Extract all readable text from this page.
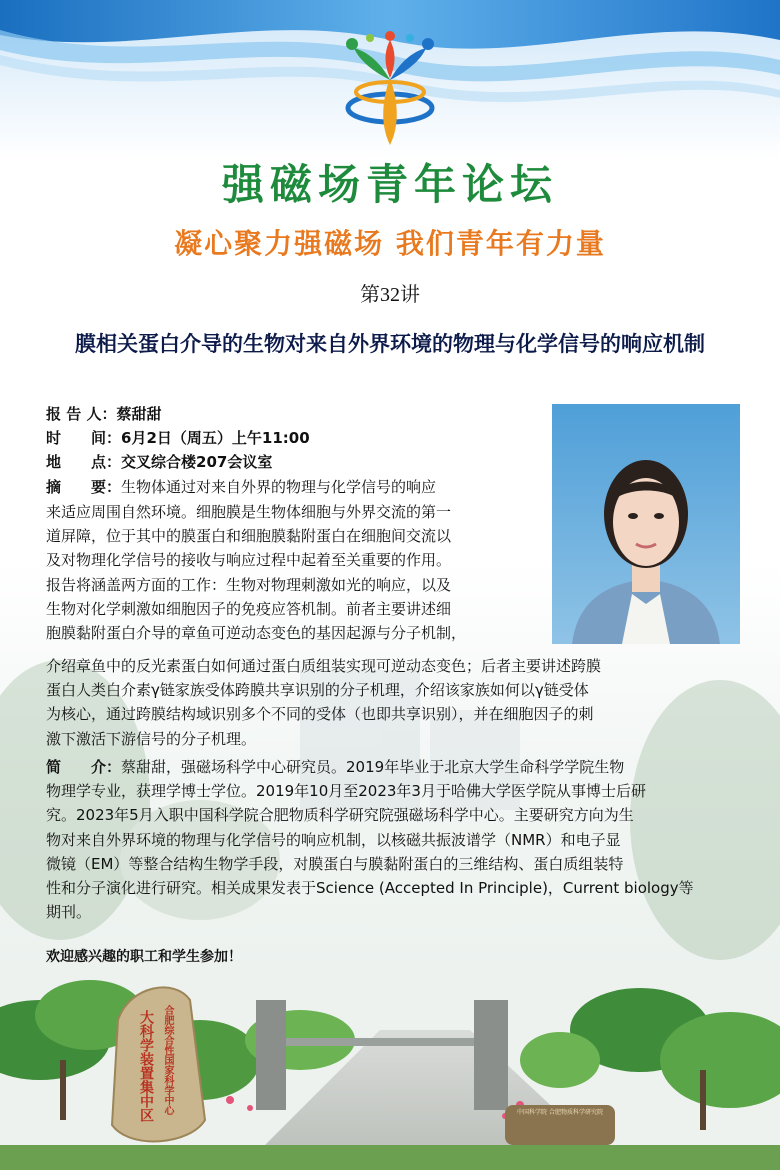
大科学装置集中区 合肥综合性国家科学中心	中国科学院 合肥物质科学研究院
强磁场青年论坛
凝心聚力强磁场 我们青年有力量
第32讲
膜相关蛋白介导的生物对来自外界环境的物理与化学信号的响应机制
报 告 人：蔡甜甜
时　　间：6月2日（周五）上午11:00
地　　点：交叉综合楼207会议室
摘　　要：生物体通过对来自外界的物理与化学信号的响应
来适应周围自然环境。细胞膜是生物体细胞与外界交流的第一
道屏障，位于其中的膜蛋白和细胞膜黏附蛋白在细胞间交流以
及对物理化学信号的接收与响应过程中起着至关重要的作用。
报告将涵盖两方面的工作：生物对物理刺激如光的响应，以及
生物对化学刺激如细胞因子的免疫应答机制。前者主要讲述细
胞膜黏附蛋白介导的章鱼可逆动态变色的基因起源与分子机制，
介绍章鱼中的反光素蛋白如何通过蛋白质组装实现可逆动态变色；后者主要讲述跨膜
蛋白人类白介素γ链家族受体跨膜共享识别的分子机理，介绍该家族如何以γ链受体
为核心，通过跨膜结构域识别多个不同的受体（也即共享识别），并在细胞因子的刺
激下激活下游信号的分子机理。
简　　介：蔡甜甜，强磁场科学中心研究员。2019年毕业于北京大学生命科学学院生物
物理学专业，获理学博士学位。2019年10月至2023年3月于哈佛大学医学院从事博士后研
究。2023年5月入职中国科学院合肥物质科学研究院强磁场科学中心。主要研究方向为生
物对来自外界环境的物理与化学信号的响应机制，以核磁共振波谱学（NMR）和电子显
微镜（EM）等整合结构生物学手段，对膜蛋白与膜黏附蛋白的三维结构、蛋白质组装特
性和分子演化进行研究。相关成果发表于Science (Accepted In Principle)，Current biology等
期刊。
欢迎感兴趣的职工和学生参加！
